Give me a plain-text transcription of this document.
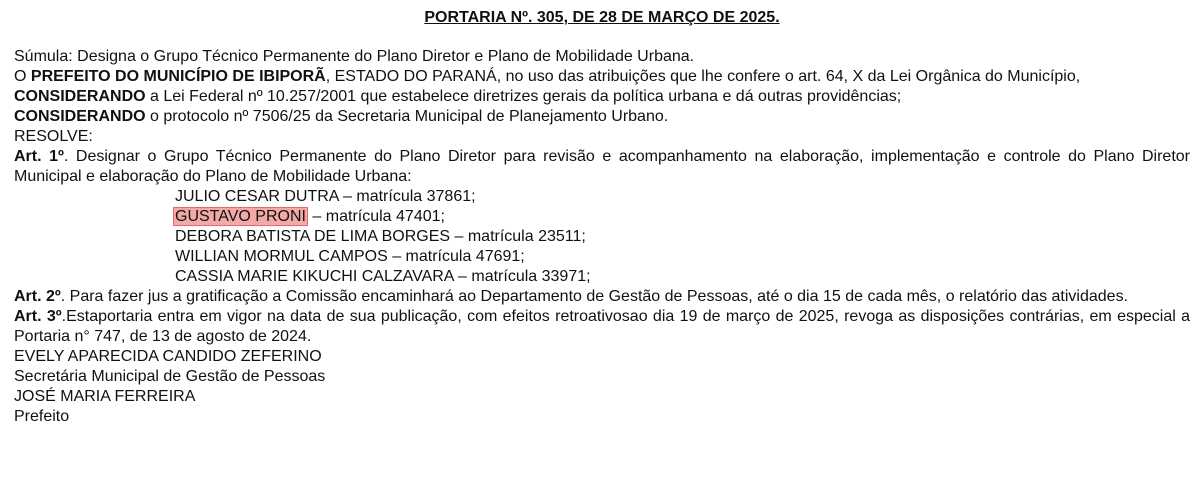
PORTARIA Nº. 305, DE 28 DE MARÇO DE 2025.

Súmula: Designa o Grupo Técnico Permanente do Plano Diretor e Plano de Mobilidade Urbana.

O PREFEITO DO MUNICÍPIO DE IBIPORÃ, ESTADO DO PARANÁ, no uso das atribuições que lhe confere o art. 64, X da Lei Orgânica do Município,

CONSIDERANDO a Lei Federal nº 10.257/2001 que estabelece diretrizes gerais da política urbana e dá outras providências;

CONSIDERANDO o protocolo nº 7506/25 da Secretaria Municipal de Planejamento Urbano.

RESOLVE:

Art. 1º. Designar o Grupo Técnico Permanente do Plano Diretor para revisão e acompanhamento na elaboração, implementação e controle do Plano Diretor Municipal e elaboração do Plano de Mobilidade Urbana:

JULIO CESAR DUTRA – matrícula 37861;
GUSTAVO PRONI – matrícula 47401;
DEBORA BATISTA DE LIMA BORGES – matrícula 23511;
WILLIAN MORMUL CAMPOS – matrícula 47691;
CASSIA MARIE KIKUCHI CALZAVARA – matrícula 33971;

Art. 2º. Para fazer jus a gratificação a Comissão encaminhará ao Departamento de Gestão de Pessoas, até o dia 15 de cada mês, o relatório das atividades.

Art. 3º.Estaportaria entra em vigor na data de sua publicação, com efeitos retroativosao dia 19 de março de 2025, revoga as disposições contrárias, em especial a Portaria n° 747, de 13 de agosto de 2024.

EVELY APARECIDA CANDIDO ZEFERINO

Secretária Municipal de Gestão de Pessoas

JOSÉ MARIA FERREIRA

Prefeito
